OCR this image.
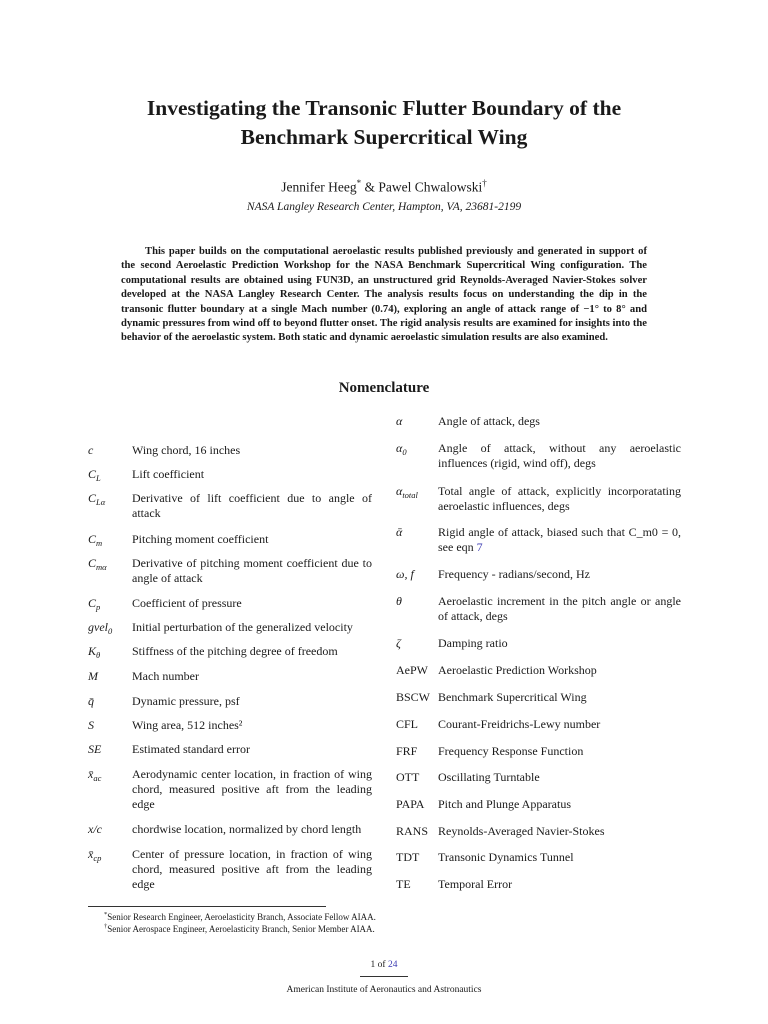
Investigating the Transonic Flutter Boundary of the
Benchmark Supercritical Wing
Jennifer Heeg* & Pawel Chwalowski†
NASA Langley Research Center, Hampton, VA, 23681-2199

This paper builds on the computational aeroelastic results published previously and generated in support of the second Aeroelastic Prediction Workshop for the NASA Benchmark Supercritical Wing configuration. The computational results are obtained using FUN3D, an unstructured grid Reynolds-Averaged Navier-Stokes solver developed at the NASA Langley Research Center. The analysis results focus on understanding the dip in the transonic flutter boundary at a single Mach number (0.74), exploring an angle of attack range of −1° to 8° and dynamic pressures from wind off to beyond flutter onset. The rigid analysis results are examined for insights into the behavior of the aeroelastic system. Both static and dynamic aeroelastic simulation results are also examined.

Nomenclature
c	Wing chord, 16 inches
$C_L$	Lift coefficient
$C_{L\alpha}$	Derivative of lift coefficient due to angle of attack
$C_m$	Pitching moment coefficient
$C_{m\alpha}$	Derivative of pitching moment coefficient due to angle of attack
$C_p$	Coefficient of pressure
gvel$_0$	Initial perturbation of the generalized velocity
$K_\theta$	Stiffness of the pitching degree of freedom
M	Mach number
q̄	Dynamic pressure, psf
S	Wing area, 512 inches²
SE	Estimated standard error
$x̄_{ac}$	Aerodynamic center location, in fraction of wing chord, measured positive aft from the leading edge
x/c	chordwise location, normalized by chord length
$x̄_{cp}$	Center of pressure location, in fraction of wing chord, measured positive aft from the leading edge
α	Angle of attack, degs
$\alpha_0$	Angle of attack, without any aeroelastic influences (rigid, wind off), degs
$\alpha_{total}$	Total angle of attack, explicitly incorporatating aeroelastic influences, degs
ᾱ	Rigid angle of attack, biased such that C_m0 = 0, see eqn 7
ω, f	Frequency - radians/second, Hz
θ	Aeroelastic increment in the pitch angle or angle of attack, degs
ζ	Damping ratio
AePW Aeroelastic Prediction Workshop
BSCW Benchmark Supercritical Wing
CFL	Courant-Freidrichs-Lewy number
FRF	Frequency Response Function
OTT	Oscillating Turntable
PAPA	Pitch and Plunge Apparatus
RANS Reynolds-Averaged Navier-Stokes
TDT	Transonic Dynamics Tunnel
TE	Temporal Error
*Senior Research Engineer, Aeroelasticity Branch, Associate Fellow AIAA.
†Senior Aerospace Engineer, Aeroelasticity Branch, Senior Member AIAA.
1 of 24
American Institute of Aeronautics and Astronautics
